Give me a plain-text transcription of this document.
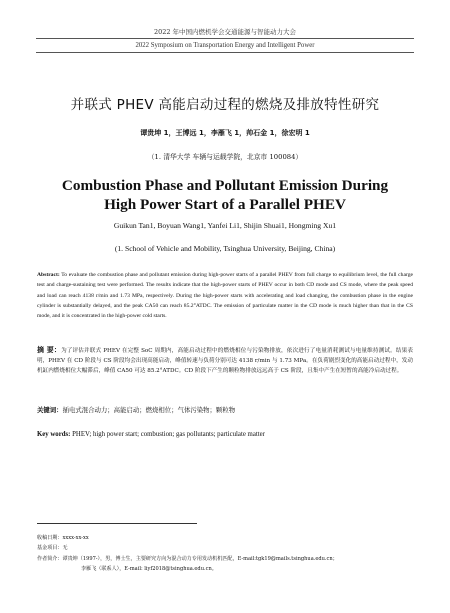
2022 年中国内燃机学会交通能源与智能动力大会
2022 Symposium on Transportation Energy and Intelligent Power
并联式 PHEV 高能启动过程的燃烧及排放特性研究
谭贵坤 1，王博远 1，李雁飞 1，帅石金 1，徐宏明 1
（1. 清华大学 车辆与运载学院，北京市 100084）
Combustion Phase and Pollutant Emission During
High Power Start of a Parallel PHEV
Guikun Tan1, Boyuan Wang1, Yanfei Li1, Shijin Shuai1, Hongming Xu1
(1. School of Vehicle and Mobility, Tsinghua University, Beijing, China)
Abstract: To evaluate the combustion phase and pollutant emission during high-power starts of a parallel PHEV from full charge to equilibrium level, the full charge test and charge-sustaining test were performed. The results indicate that the high-power starts of PHEV occur in both CD mode and CS mode, where the peak speed and load can reach 4138 r/min and 1.73 MPa, respectively. During the high-power starts with accelerating and load changing, the combustion phase in the engine cylinder is substantially delayed, and the peak CA50 can reach 85.2°ATDC. The emission of particulate matter in the CD mode is much higher than that in the CS mode, and it is concentrated in the high-power cold starts.
摘 要：为了评估并联式 PHEV 在完整 SoC 周期内，高能启动过程中的燃烧相位与污染物排放，依次进行了电量消耗测试与电量维持测试。结果表明，PHEV 在 CD 阶段与 CS 阶段均会出现高能启动，峰值转速与负荷分别可达 4138 r/min 与 1.73 MPa。在负荷剧烈变化的高能启动过程中，发动机缸内燃烧相位大幅滞后，峰值 CA50 可达 85.2°ATDC。CD 阶段下产生的颗粒物排放远远高于 CS 阶段，且集中产生在短暂的高能冷启动过程。
关键词：插电式混合动力；高能启动；燃烧相位；气体污染物；颗粒物
Key words: PHEV; high power start; combustion; gas pollutants; particulate matter
收稿日期：xxxx-xx-xx
基金项目：无
作者简介：谭贵坤（1997-），男，博士生，主要研究方向为混合动力专用发动机机匹配，E-mail:tgk19@mails.tsinghua.edu.cn；
李雁飞（联系人），E-mail: liyf2018@tsinghua.edu.cn。
